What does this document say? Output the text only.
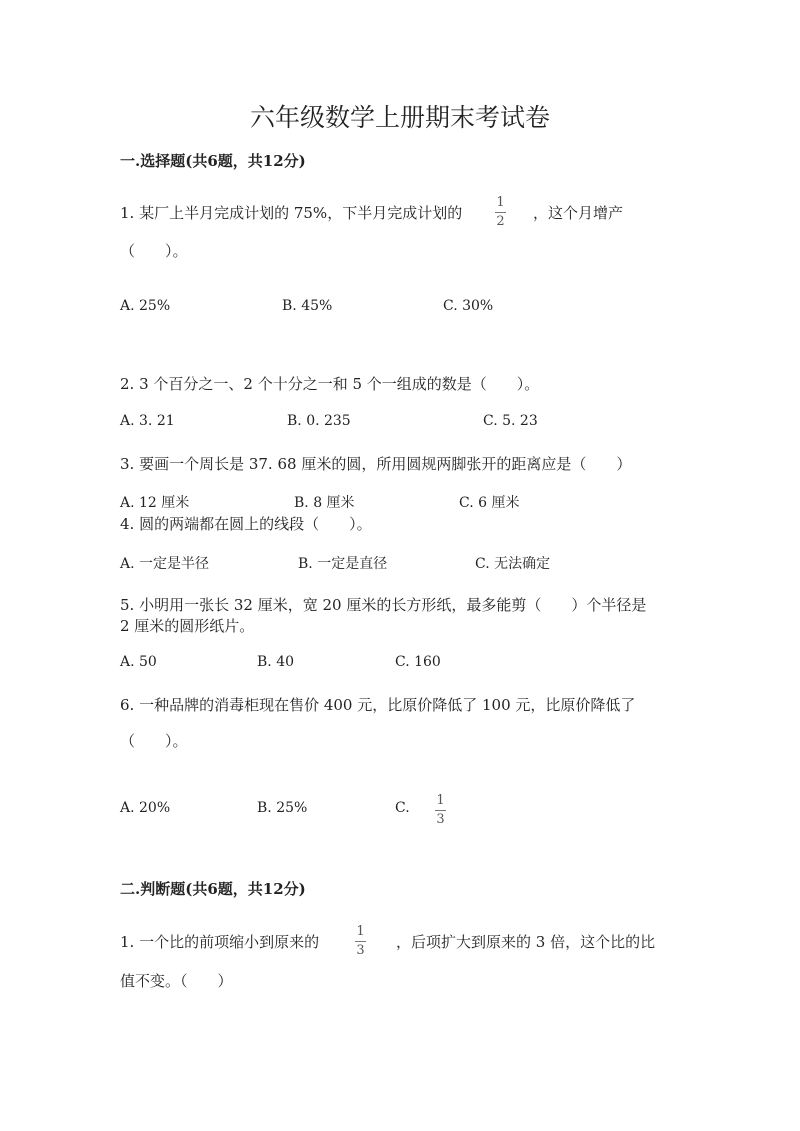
六年级数学上册期末考试卷
一.选择题(共6题，共12分)
1. 某厂上半月完成计划的 75%，下半月完成计划的
1
2 ，这个月增产
（　　）。
A. 25%	B. 45%	C. 30%
2. 3 个百分之一、2 个十分之一和 5 个一组成的数是（　　）。
A. 3. 21	B. 0. 235	C. 5. 23
3. 要画一个周长是 37. 68 厘米的圆，所用圆规两脚张开的距离应是（　　）
A. 12 厘米	B. 8 厘米	C. 6 厘米
4. 圆的两端都在圆上的线段（　　）。
A. 一定是半径	B. 一定是直径	C. 无法确定
5. 小明用一张长 32 厘米，宽 20 厘米的长方形纸，最多能剪（　　）个半径是
2 厘米的圆形纸片。
A. 50	B. 40	C. 160
6. 一种品牌的消毒柜现在售价 400 元，比原价降低了 100 元，比原价降低了
（　　）。
A. 20%	B. 25%	C. 1
3
二.判断题(共6题，共12分)
1. 一个比的前项缩小到原来的
1
3 ，后项扩大到原来的 3 倍，这个比的比
值不变。（　　）
